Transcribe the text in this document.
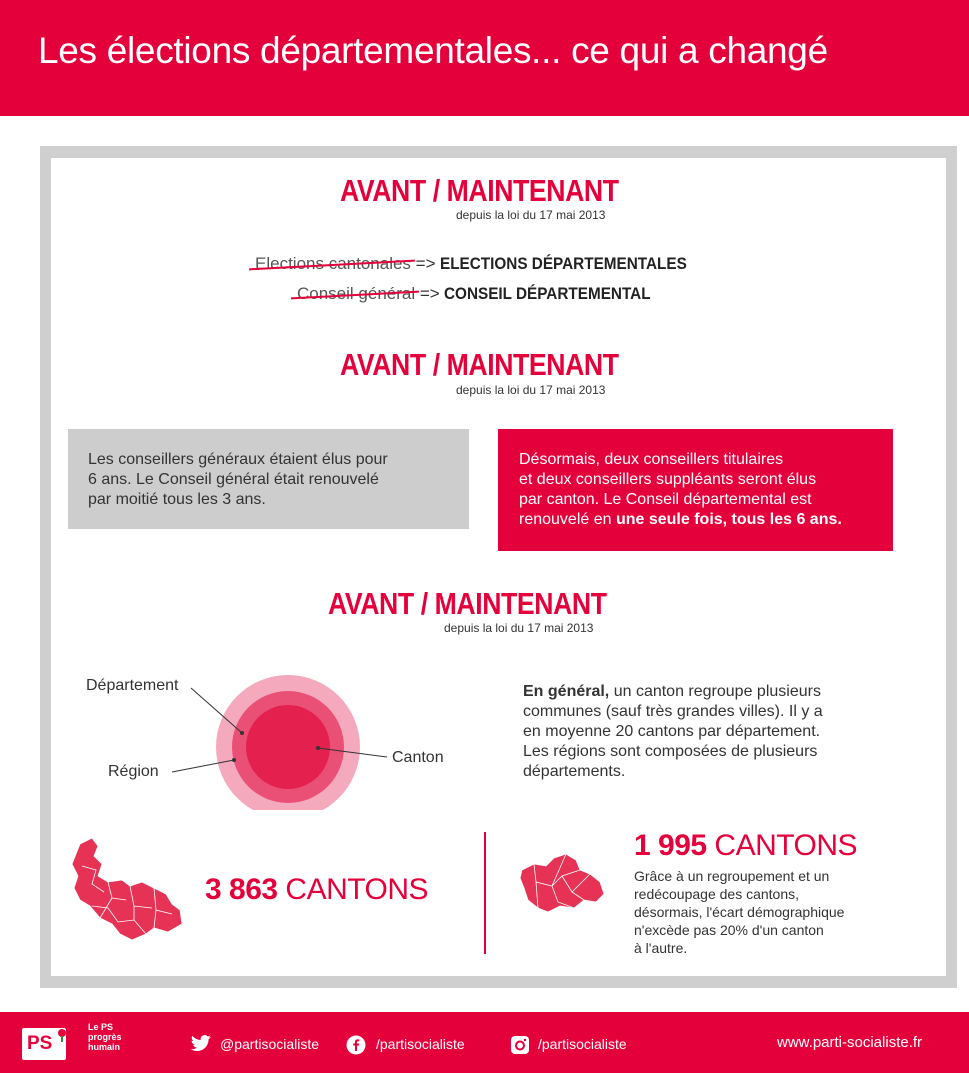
Les élections départementales... ce qui a changé
AVANT / MAINTENANT
depuis la loi du 17 mai 2013
Elections cantonales => ELECTIONS DÉPARTEMENTALES
Conseil général => CONSEIL DÉPARTEMENTAL
AVANT / MAINTENANT
depuis la loi du 17 mai 2013
Les conseillers généraux étaient élus pour
6 ans. Le Conseil général était renouvelé
par moitié tous les 3 ans.
Désormais, deux conseillers titulaires
et deux conseillers suppléants seront élus
par canton. Le Conseil départemental est
renouvelé en une seule fois, tous les 6 ans.
AVANT / MAINTENANT
depuis la loi du 17 mai 2013
Département
Région
Canton
En général, un canton regroupe plusieurs
communes (sauf très grandes villes). Il y a
en moyenne 20 cantons par département.
Les régions sont composées de plusieurs
départements.
3 863 CANTONS
1 995 CANTONS
Grâce à un regroupement et un
redécoupage des cantons,
désormais, l'écart démographique
n'excède pas 20% d'un canton
à l'autre.
PS
Le PS
progrès
humain	@partisocialiste	/partisocialiste	/partisocialiste	www.parti-socialiste.fr
